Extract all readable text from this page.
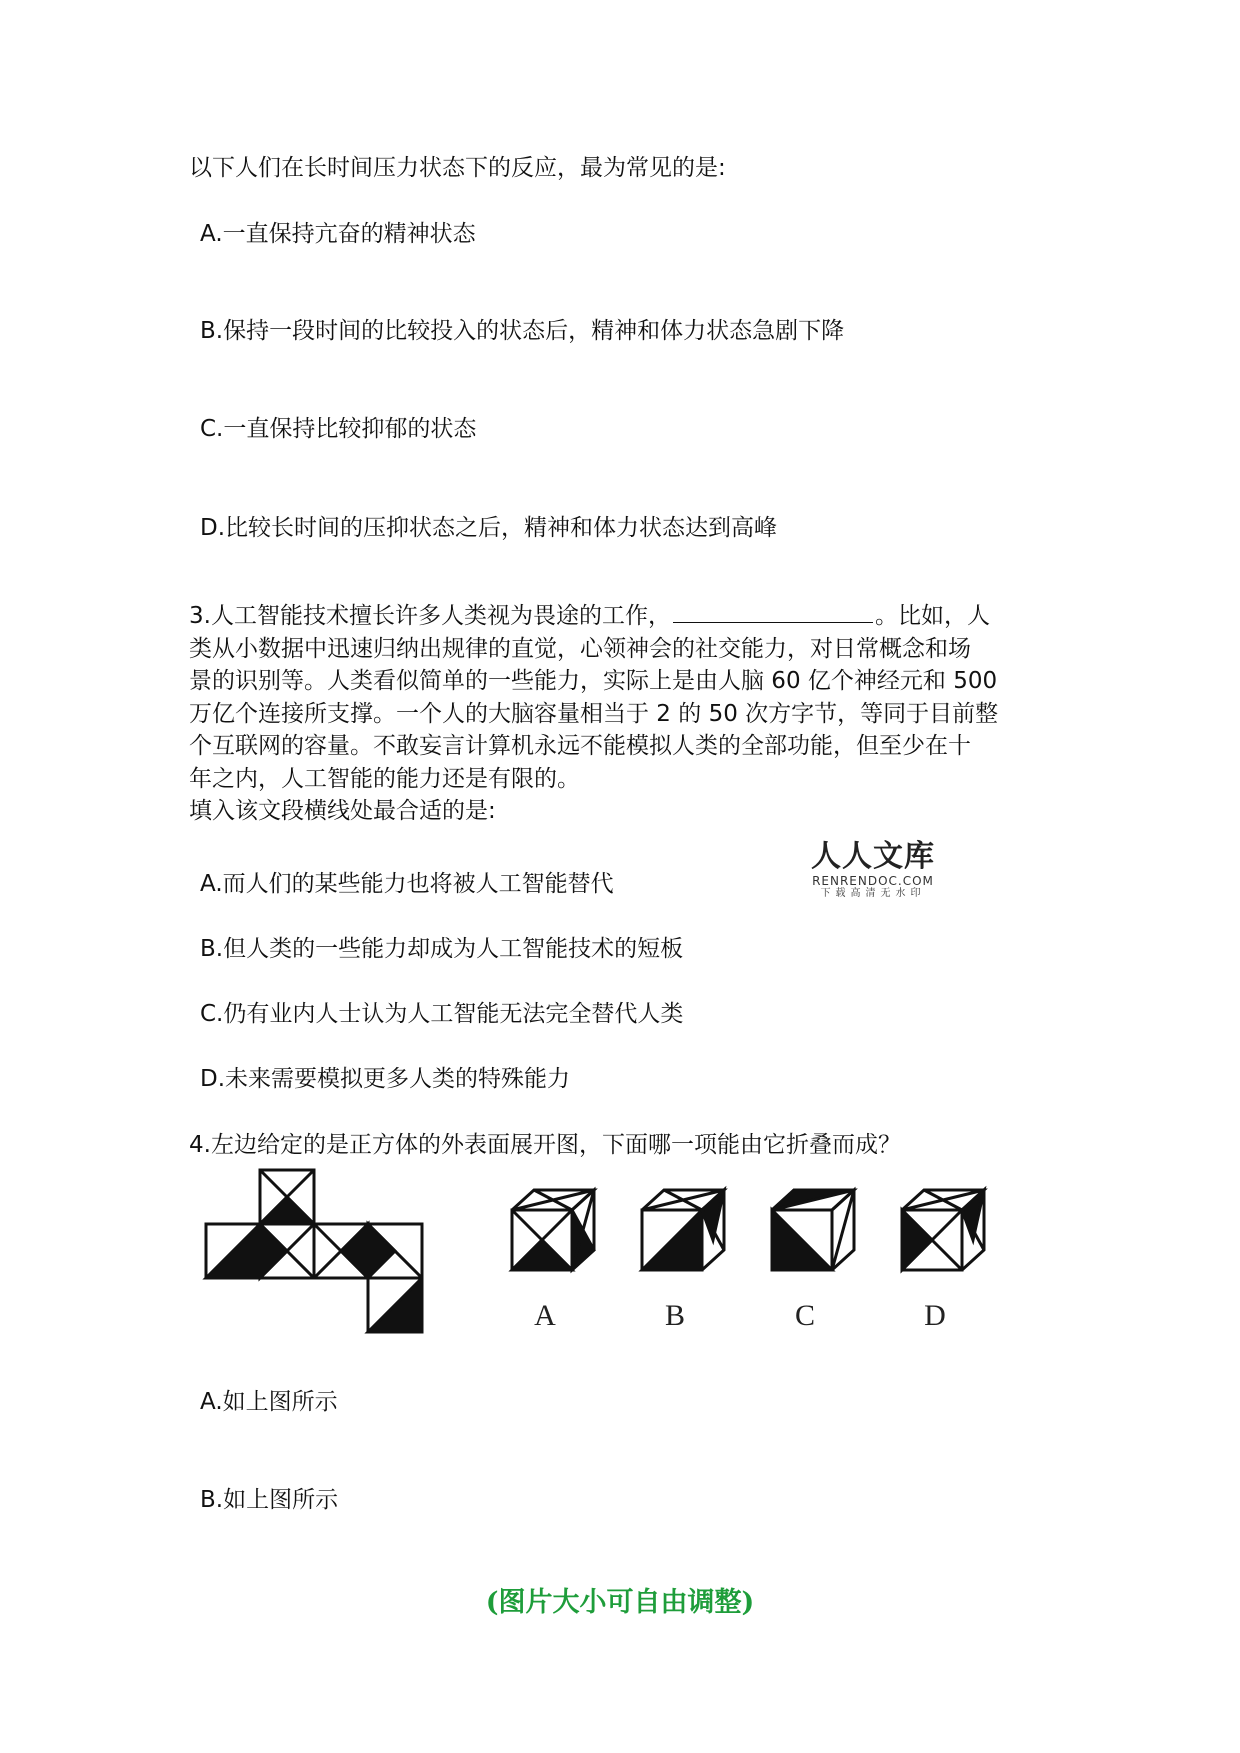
以下人们在长时间压力状态下的反应，最为常见的是:
A.一直保持亢奋的精神状态
B.保持一段时间的比较投入的状态后，精神和体力状态急剧下降
C.一直保持比较抑郁的状态
D.比较长时间的压抑状态之后，精神和体力状态达到高峰

3.人工智能技术擅长许多人类视为畏途的工作，	。比如，人

类从小数据中迅速归纳出规律的直觉，心领神会的社交能力，对日常概念和场

景的识别等。人类看似简单的一些能力，实际上是由人脑 60 亿个神经元和 500

万亿个连接所支撑。一个人的大脑容量相当于 2 的 50 次方字节，等同于目前整

个互联网的容量。不敢妄言计算机永远不能模拟人类的全部功能，但至少在十

年之内，人工智能的能力还是有限的。

填入该文段横线处最合适的是:

A.而人们的某些能力也将被人工智能替代
B.但人类的一些能力却成为人工智能技术的短板
C.仍有业内人士认为人工智能无法完全替代人类
D.未来需要模拟更多人类的特殊能力
人人文库
RENRENDOC.COM
下载高清无水印
4.左边给定的是正方体的外表面展开图，下面哪一项能由它折叠而成？
A	B	C	D
A.如上图所示
B.如上图所示
(图片大小可自由调整)
